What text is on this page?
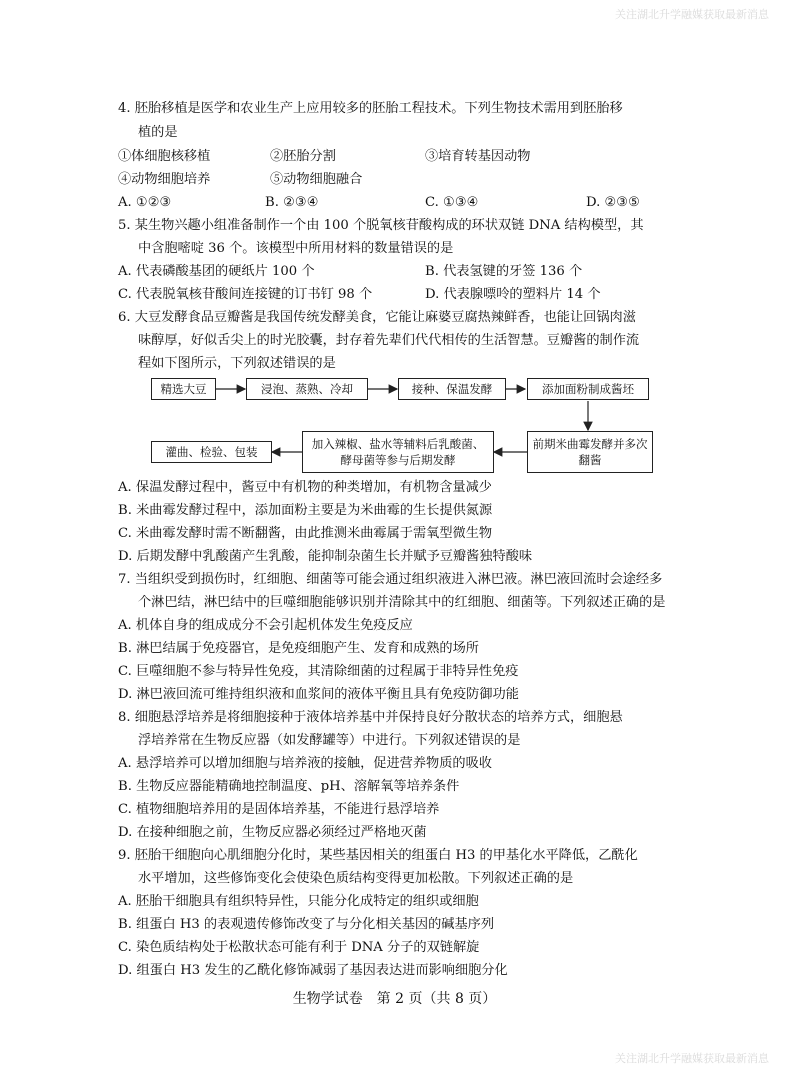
关注湖北升学融媒获取最新消息
4. 胚胎移植是医学和农业生产上应用较多的胚胎工程技术。下列生物技术需用到胚胎移
植的是
①体细胞核移植	②胚胎分割	③培育转基因动物
④动物细胞培养	⑤动物细胞融合
A. ①②③	B. ②③④	C. ①③④	D. ②③⑤
5. 某生物兴趣小组准备制作一个由 100 个脱氧核苷酸构成的环状双链 DNA 结构模型，其
中含胞嘧啶 36 个。该模型中所用材料的数量错误的是
A. 代表磷酸基团的硬纸片 100 个	B. 代表氢键的牙签 136 个
C. 代表脱氧核苷酸间连接键的订书钉 98 个	D. 代表腺嘌呤的塑料片 14 个
6. 大豆发酵食品豆瓣酱是我国传统发酵美食，它能让麻婆豆腐热辣鲜香，也能让回锅肉滋
味醇厚，好似舌尖上的时光胶囊，封存着先辈们代代相传的生活智慧。豆瓣酱的制作流
程如下图所示，下列叙述错误的是
精选大豆	浸泡、蒸熟、冷却	接种、保温发酵	添加面粉制成酱坯
前期米曲霉发酵并多次翻酱
加入辣椒、盐水等辅料后乳酸菌、酵母菌等参与后期发酵
灌曲、检验、包装
A. 保温发酵过程中，酱豆中有机物的种类增加，有机物含量减少
B. 米曲霉发酵过程中，添加面粉主要是为米曲霉的生长提供氮源
C. 米曲霉发酵时需不断翻酱，由此推测米曲霉属于需氧型微生物
D. 后期发酵中乳酸菌产生乳酸，能抑制杂菌生长并赋予豆瓣酱独特酸味
7. 当组织受到损伤时，红细胞、细菌等可能会通过组织液进入淋巴液。淋巴液回流时会途经多
个淋巴结，淋巴结中的巨噬细胞能够识别并清除其中的红细胞、细菌等。下列叙述正确的是
A. 机体自身的组成成分不会引起机体发生免疫反应
B. 淋巴结属于免疫器官，是免疫细胞产生、发育和成熟的场所
C. 巨噬细胞不参与特异性免疫，其清除细菌的过程属于非特异性免疫
D. 淋巴液回流可维持组织液和血浆间的液体平衡且具有免疫防御功能
8. 细胞悬浮培养是将细胞接种于液体培养基中并保持良好分散状态的培养方式，细胞悬
浮培养常在生物反应器（如发酵罐等）中进行。下列叙述错误的是
A. 悬浮培养可以增加细胞与培养液的接触，促进营养物质的吸收
B. 生物反应器能精确地控制温度、pH、溶解氧等培养条件
C. 植物细胞培养用的是固体培养基，不能进行悬浮培养
D. 在接种细胞之前，生物反应器必须经过严格地灭菌
9. 胚胎干细胞向心肌细胞分化时，某些基因相关的组蛋白 H3 的甲基化水平降低，乙酰化
水平增加，这些修饰变化会使染色质结构变得更加松散。下列叙述正确的是
A. 胚胎干细胞具有组织特异性，只能分化成特定的组织或细胞
B. 组蛋白 H3 的表观遗传修饰改变了与分化相关基因的碱基序列
C. 染色质结构处于松散状态可能有利于 DNA 分子的双链解旋
D. 组蛋白 H3 发生的乙酰化修饰减弱了基因表达进而影响细胞分化
生物学试卷　第 2 页（共 8 页）
关注湖北升学融媒获取最新消息
